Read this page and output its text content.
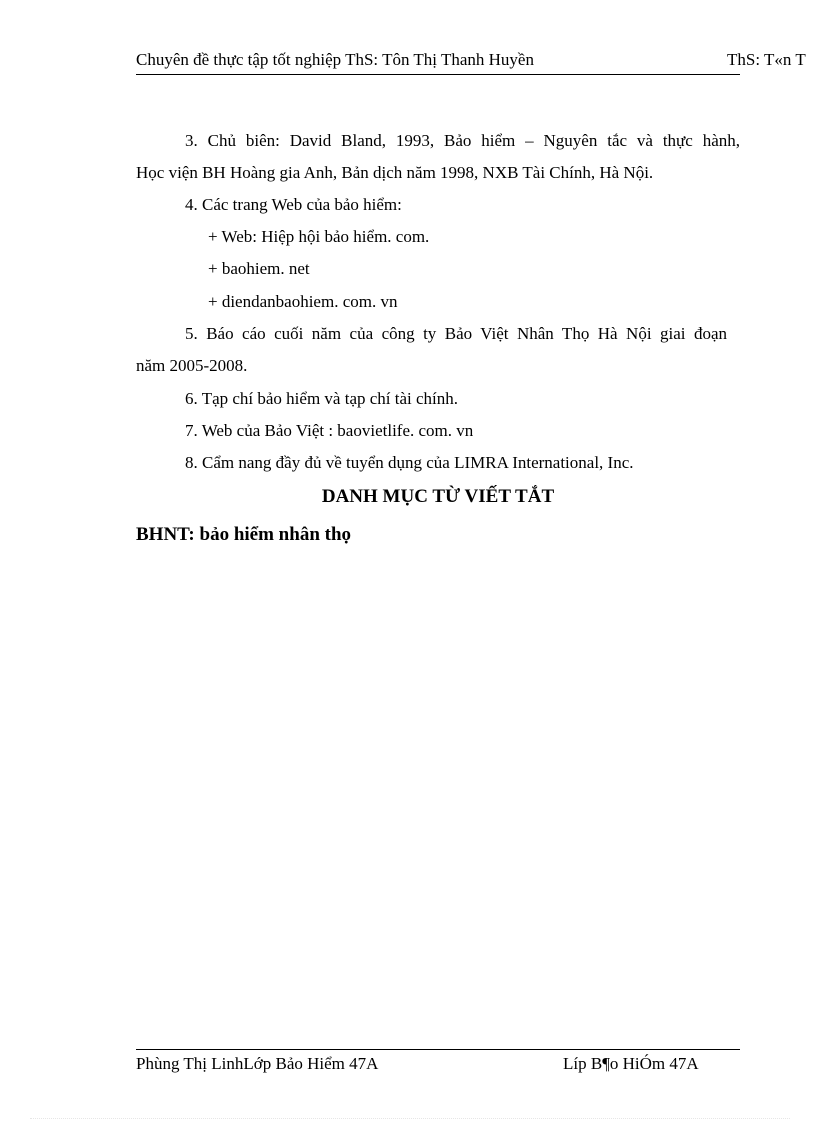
Chuyên đề thực tập tốt nghiệp ThS: Tôn Thị Thanh Huyền	ThS: T«n T
3. Chủ biên: David Bland, 1993, Bảo hiểm – Nguyên tắc và thực hành,
Học viện BH Hoàng gia Anh, Bản dịch năm 1998, NXB Tài Chính, Hà Nội.
4. Các trang Web của bảo hiểm:
+ Web: Hiệp hội bảo hiểm. com.
+ baohiem. net
+ diendanbaohiem. com. vn
5. Báo cáo cuối năm của công ty Bảo Việt Nhân Thọ Hà Nội giai đoạn
năm 2005-2008.
6. Tạp chí bảo hiểm và tạp chí tài chính.
7. Web của Bảo Việt : baovietlife. com. vn
8. Cẩm nang đầy đủ về tuyển dụng của LIMRA International, Inc.
DANH MỤC TỪ VIẾT TẮT
BHNT: bảo hiểm nhân thọ
Phùng Thị LinhLớp Bảo Hiểm 47A	Líp B¶o HiÓm 47A
